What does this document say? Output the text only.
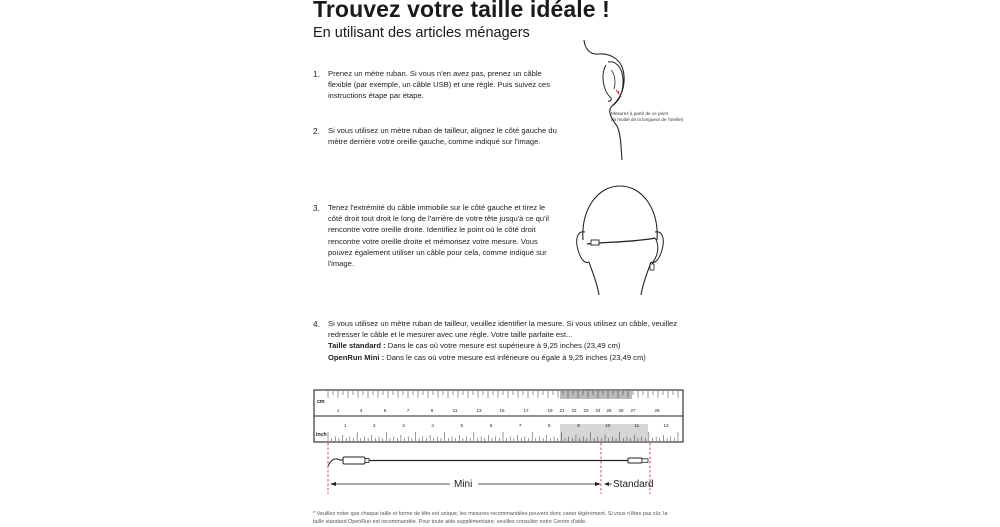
Trouvez votre taille idéale !
En utilisant des articles ménagers
1. Prenez un mètre ruban. Si vous n'en avez pas, prenez un câble flexible (par exemple, un câble USB) et une règle. Puis suivez ces instructions étape par étape.
2. Si vous utilisez un mètre ruban de tailleur, alignez le côté gauche du mètre derrière votre oreille gauche, comme indiqué sur l'image.
3. Tenez l'extrémité du câble immobile sur le côté gauche et tirez le côté droit tout droit le long de l'arrière de votre tête jusqu'à ce qu'il rencontre votre oreille droite. Identifiez le point où le côté droit rencontre votre oreille droite et mémorisez votre mesure. Vous pouvez également utiliser un câble pour cela, comme indiqué sur l'image.
4. Si vous utilisez un mètre ruban de tailleur, veuillez identifier la mesure. Si vous utilisez un câble, veuillez redresser le câble et le mesurer avec une règle. Votre taille parfaite est...
Taille standard : Dans le cas où votre mesure est supérieure à 9,25 inches (23,49 cm)
OpenRun Mini : Dans le cas où votre mesure est inférieure ou égale à 9,25 inches (23,49 cm)
Mesurez à partir de ce point
(la moitié de la longueur de l'oreille)
cm
inch
1	3	5	7	9	11	13	15	17	19 21 22 23 24 25 26 27	29
1	2	3	4	5	6	7	8	9	10	11	12
Mini	Standard
* Veuillez noter que chaque taille et forme de tête est unique, les mesures recommandées peuvent donc varier légèrement. Si vous n'êtes pas sûr, la taille standard OpenRun est recommandée. Pour toute aide supplémentaire, veuillez consulter notre Centre d'aide.
